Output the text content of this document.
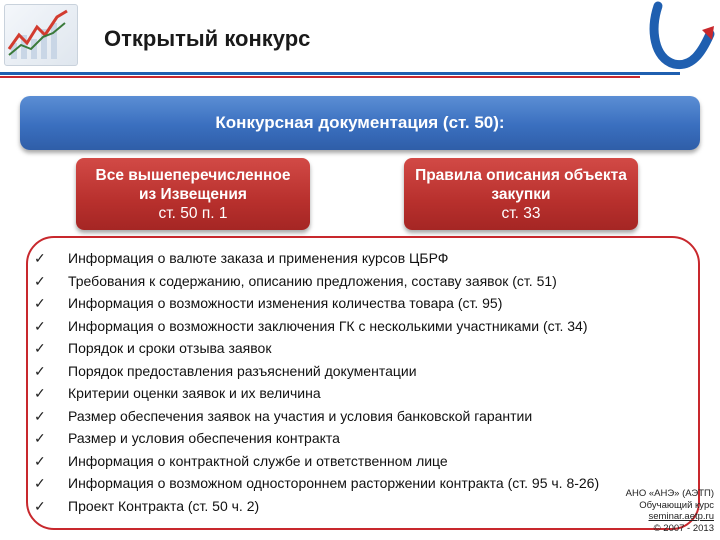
Открытый конкурс
Конкурсная документация (ст. 50):
Все вышеперечисленное
из Извещения
ст. 50 п. 1
Правила описания объекта
закупки
ст. 33
✓
✓
✓
✓
✓
✓
✓
✓
✓
✓
✓
✓
Информация о валюте заказа и применения курсов ЦБРФ
Требования к содержанию, описанию предложения, составу заявок (ст. 51)
Информация о возможности изменения количества товара (ст. 95)
Информация о возможности заключения ГК с несколькими участниками (ст. 34)
Порядок и сроки отзыва заявок
Порядок предоставления разъяснений документации
Критерии оценки заявок и их величина
Размер обеспечения заявок на участия и условия банковской гарантии
Размер и условия обеспечения контракта
Информация о контрактной службе и ответственном лице
Информация о возможном одностороннем расторжении контракта (ст. 95 ч. 8-26)
Проект Контракта (ст. 50 ч. 2)
АНО «АНЭ» (АЭТП)
Обучающий курс
seminar.aetp.ru
© 2007 - 2013
